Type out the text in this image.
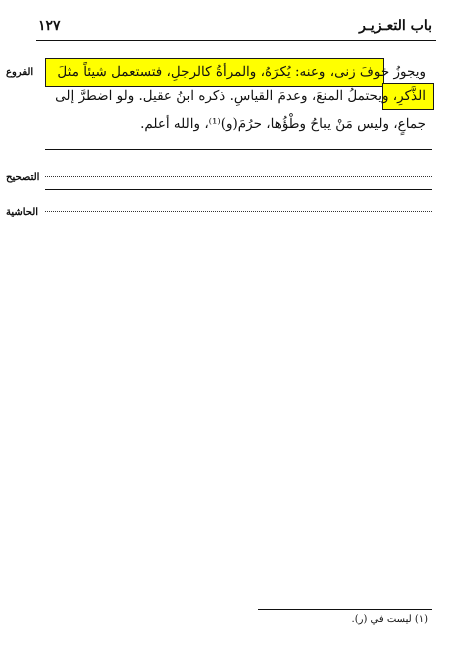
باب التعـزيـر
١٢٧
ويجوزُ خوفَ زنى، وعنه: يُكرَهُ، والمرأةُ كالرجلِ، فتستعمل شيئاً مثلَ
الذَّكرِ، ويحتملُ المنعَ، وعدمَ القياسِ. ذكره ابنُ عقيل. ولو اضطرَّ إلى
جماعٍ، وليس مَنْ يباحُ وطْؤُها، حرُمَ(و)⁽¹⁾، والله أعلم.
الفروع
التصحيح
الحاشية
(١) ليست في (ر).
